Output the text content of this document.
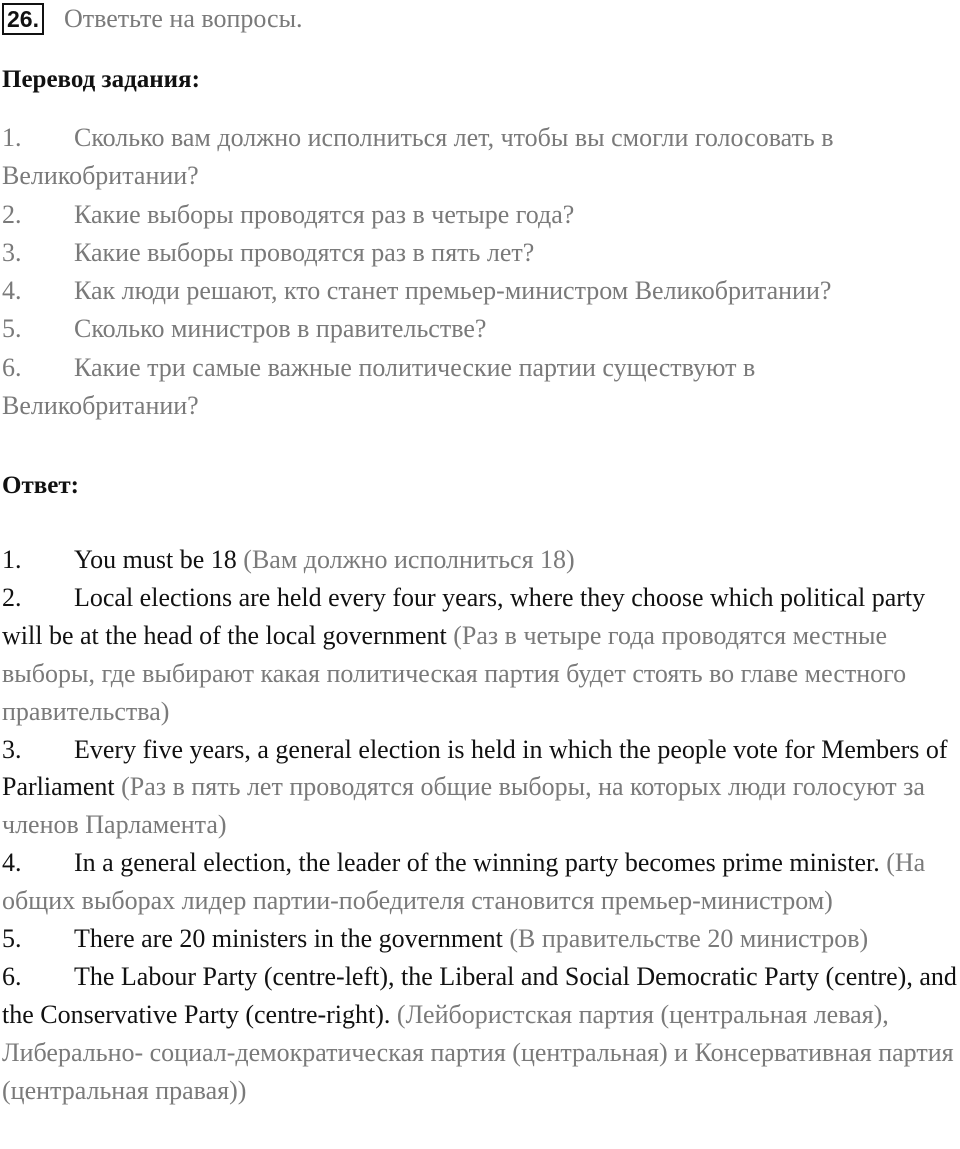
26. Ответьте на вопросы.
Перевод задания:
1. Сколько вам должно исполниться лет, чтобы вы смогли голосовать в Великобритании?
2. Какие выборы проводятся раз в четыре года?
3. Какие выборы проводятся раз в пять лет?
4. Как люди решают, кто станет премьер-министром Великобритании?
5. Сколько министров в правительстве?
6. Какие три самые важные политические партии существуют в Великобритании?
Ответ:
1. You must be 18 (Вам должно исполниться 18)
2. Local elections are held every four years, where they choose which political party will be at the head of the local government (Раз в четыре года проводятся местные выборы, где выбирают какая политическая партия будет стоять во главе местного правительства)
3. Every five years, a general election is held in which the people vote for Members of Parliament (Раз в пять лет проводятся общие выборы, на которых люди голосуют за членов Парламента)
4. In a general election, the leader of the winning party becomes prime minister. (На общих выборах лидер партии-победителя становится премьер-министром)
5. There are 20 ministers in the government (В правительстве 20 министров)
6. The Labour Party (centre-left), the Liberal and Social Democratic Party (centre), and the Conservative Party (centre-right). (Лейбористская партия (центральная левая), Либерально- социал-демократическая партия (центральная) и Консервативная партия (центральная правая))
